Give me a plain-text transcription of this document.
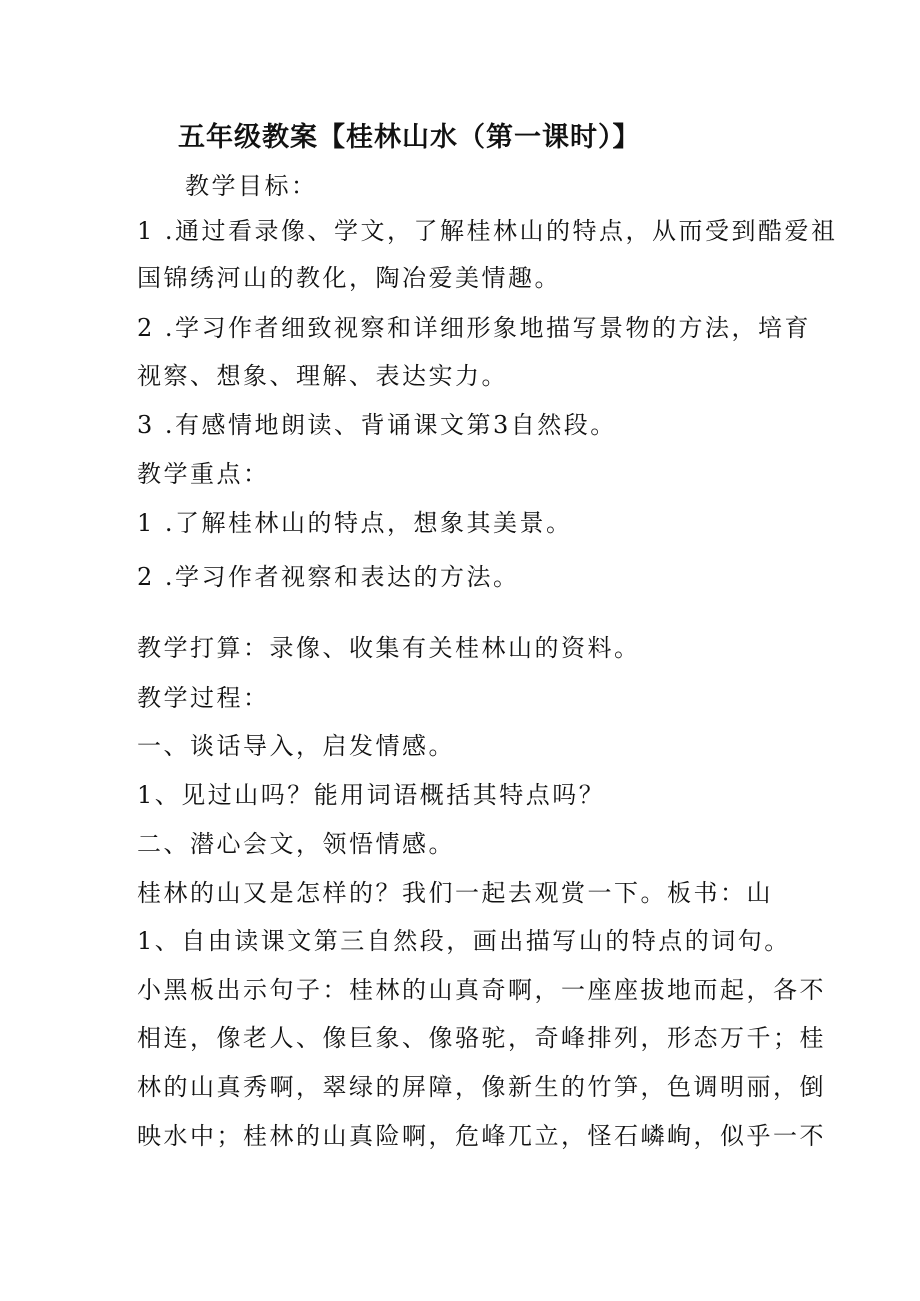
五年级教案【桂林山水（第一课时）】
教学目标：
1 .通过看录像、学文，了解桂林山的特点，从而受到酷爱祖
国锦绣河山的教化，陶冶爱美情趣。
2 .学习作者细致视察和详细形象地描写景物的方法，培育
视察、想象、理解、表达实力。
3 .有感情地朗读、背诵课文第3自然段。
教学重点：
1 .了解桂林山的特点，想象其美景。
2 .学习作者视察和表达的方法。
教学打算：录像、收集有关桂林山的资料。
教学过程：
一、谈话导入，启发情感。
1、见过山吗？能用词语概括其特点吗？
二、潜心会文，领悟情感。
桂林的山又是怎样的？我们一起去观赏一下。板书：山
1、自由读课文第三自然段，画出描写山的特点的词句。
小黑板出示句子：桂林的山真奇啊，一座座拔地而起，各不
相连，像老人、像巨象、像骆驼，奇峰排列，形态万千；桂
林的山真秀啊，翠绿的屏障，像新生的竹笋，色调明丽，倒
映水中；桂林的山真险啊，危峰兀立，怪石嶙峋，似乎一不
